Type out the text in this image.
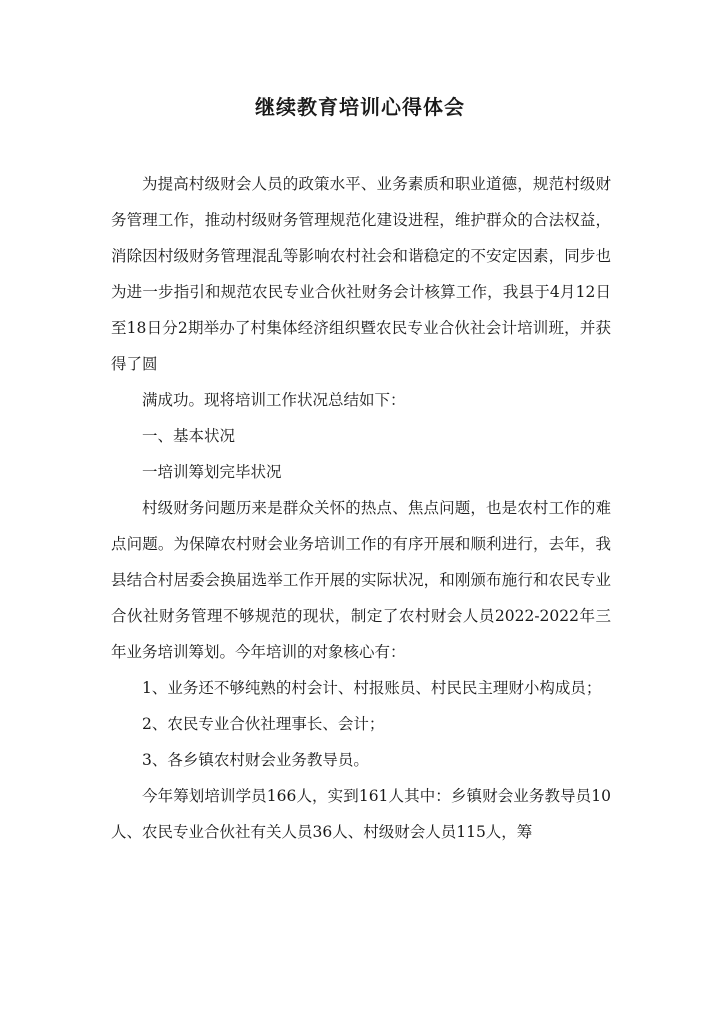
继续教育培训心得体会

为提高村级财会人员的政策水平、业务素质和职业道德，规范村级财务管理工作，推动村级财务管理规范化建设进程，维护群众的合法权益，消除因村级财务管理混乱等影响农村社会和谐稳定的不安定因素，同步也为进一步指引和规范农民专业合伙社财务会计核算工作，我县于4月12日至18日分2期举办了村集体经济组织暨农民专业合伙社会计培训班，并获得了圆

满成功。现将培训工作状况总结如下：

一、基本状况

一培训筹划完毕状况

村级财务问题历来是群众关怀的热点、焦点问题，也是农村工作的难点问题。为保障农村财会业务培训工作的有序开展和顺利进行，去年，我县结合村居委会换届选举工作开展的实际状况，和刚颁布施行和农民专业合伙社财务管理不够规范的现状，制定了农村财会人员2022-2022年三年业务培训筹划。今年培训的对象核心有：

1、业务还不够纯熟的村会计、村报账员、村民民主理财小构成员；

2、农民专业合伙社理事长、会计；

3、各乡镇农村财会业务教导员。

今年筹划培训学员166人，实到161人其中：乡镇财会业务教导员10人、农民专业合伙社有关人员36人、村级财会人员115人，筹
